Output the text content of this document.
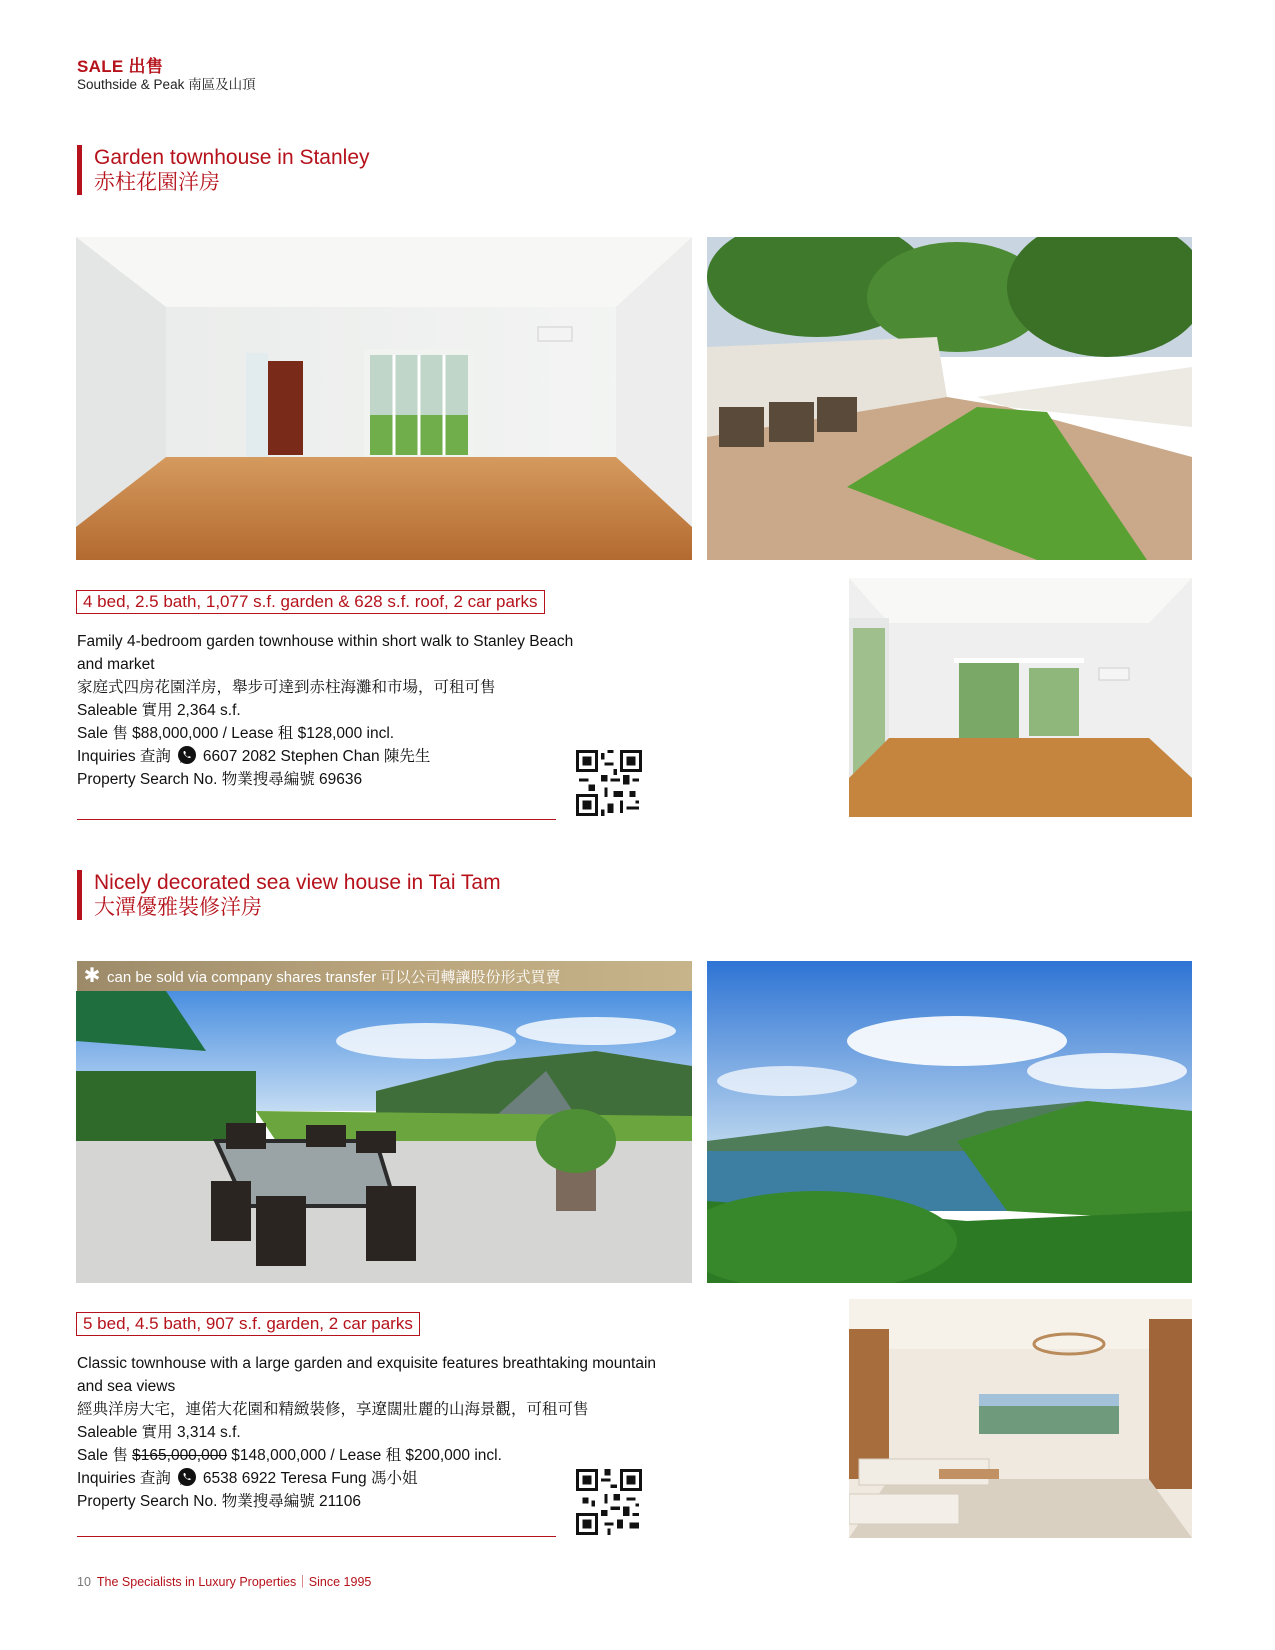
SALE 出售
Southside & Peak 南區及山頂
Garden townhouse in Stanley
赤柱花園洋房
4 bed, 2.5 bath, 1,077 s.f. garden & 628 s.f. roof, 2 car parks
Family 4-bedroom garden townhouse within short walk to Stanley Beach
and market
家庭式四房花園洋房，舉步可達到赤柱海灘和市場，可租可售
Saleable 實用 2,364 s.f.
Sale 售 $88,000,000 / Lease 租 $128,000 incl.
Inquiries 查詢 6607 2082 Stephen Chan 陳先生
Property Search No. 物業搜尋編號 69636
Nicely decorated sea view house in Tai Tam
大潭優雅裝修洋房
✱ can be sold via company shares transfer 可以公司轉讓股份形式買賣
5 bed, 4.5 bath, 907 s.f. garden, 2 car parks
Classic townhouse with a large garden and exquisite features breathtaking mountain
and sea views
經典洋房大宅，連偌大花園和精緻裝修，享遼闊壯麗的山海景觀，可租可售
Saleable 實用 3,314 s.f.
Sale 售 $165,000,000 $148,000,000 / Lease 租 $200,000 incl.
Inquiries 查詢 6538 6922 Teresa Fung 馮小姐
Property Search No. 物業搜尋編號 21106
10 The Specialists in Luxury Properties｜Since 1995
